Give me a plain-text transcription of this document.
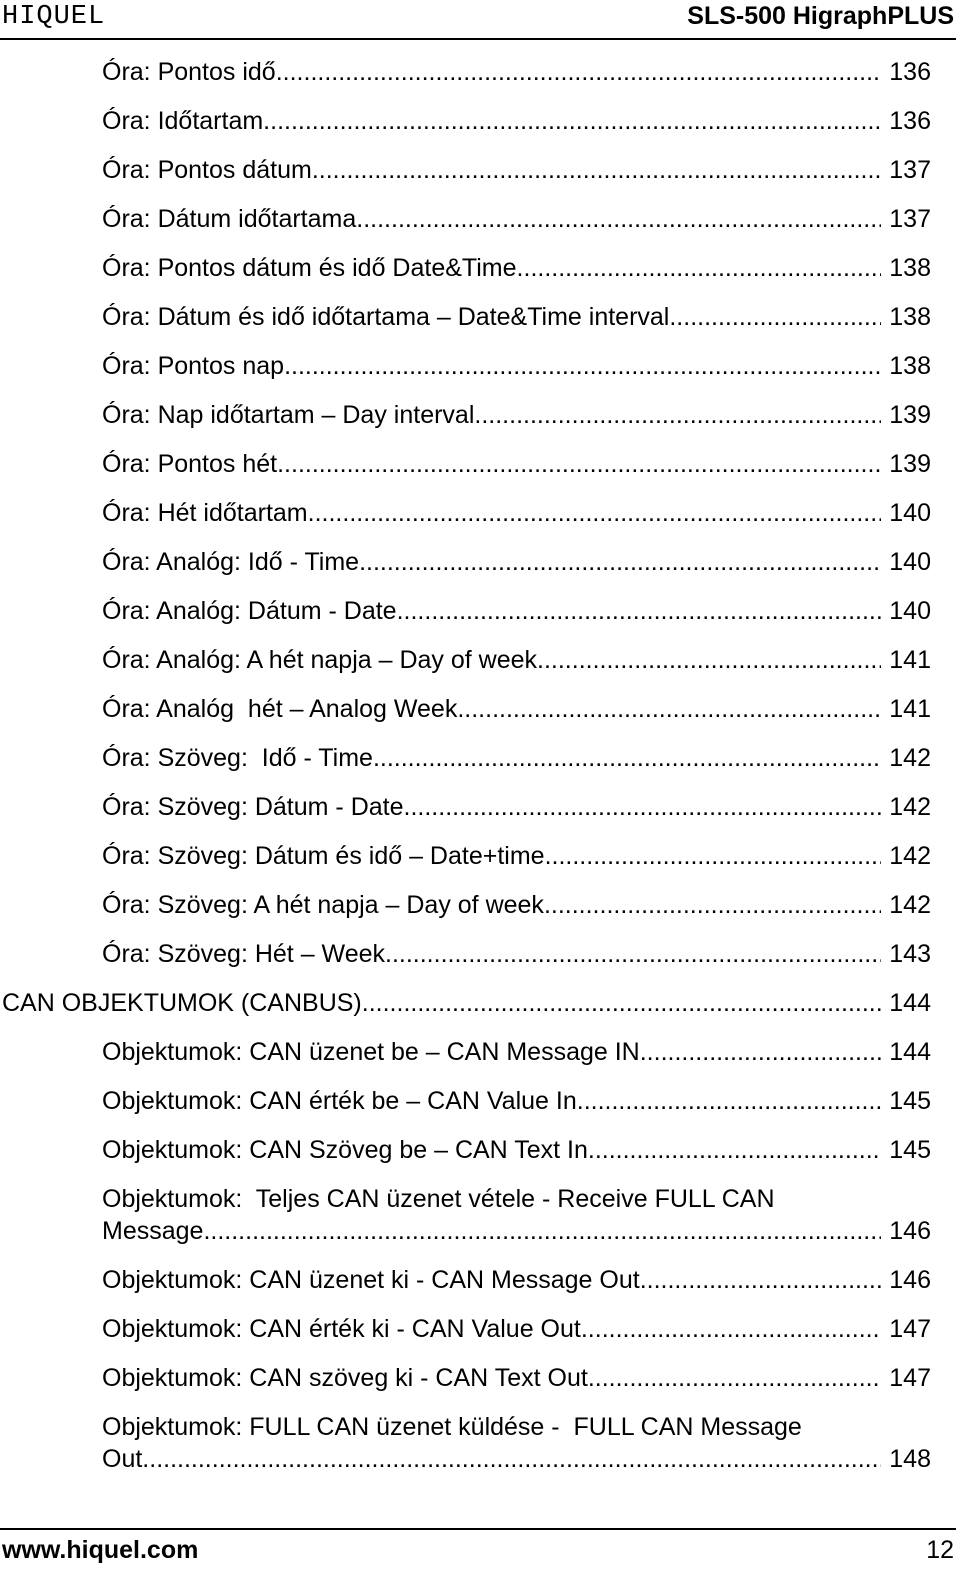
HIQUEL	SLS-500 HigraphPLUS
Óra: Pontos idő .....	136
Óra: Időtartam .....	136
Óra: Pontos dátum .....	137
Óra: Dátum időtartama .....	137
Óra: Pontos dátum és idő Date&Time .....	138
Óra: Dátum és idő időtartama – Date&Time interval .....	138
Óra: Pontos nap .....	138
Óra: Nap időtartam – Day interval .....	139
Óra: Pontos hét .....	139
Óra: Hét időtartam .....	140
Óra: Analóg: Idő - Time .....	140
Óra: Analóg: Dátum - Date .....	140
Óra: Analóg: A hét napja – Day of week .....	141
Óra: Analóg  hét – Analog Week .....	141
Óra: Szöveg:  Idő - Time .....	142
Óra: Szöveg: Dátum - Date .....	142
Óra: Szöveg: Dátum és idő – Date+time .....	142
Óra: Szöveg: A hét napja – Day of week .....	142
Óra: Szöveg: Hét – Week .....	143
CAN OBJEKTUMOK (CANBUS) .....	144
Objektumok: CAN üzenet be – CAN Message IN .....	144
Objektumok: CAN érték be – CAN Value In .....	145
Objektumok: CAN Szöveg be – CAN Text In .....	145
Objektumok:  Teljes CAN üzenet vétele - Receive FULL CAN
Message .....	146
Objektumok: CAN üzenet ki - CAN Message Out .....	146
Objektumok: CAN érték ki - CAN Value Out .....	147
Objektumok: CAN szöveg ki - CAN Text Out .....	147
Objektumok: FULL CAN üzenet küldése -  FULL CAN Message
Out .....	148
www.hiquel.com	12
